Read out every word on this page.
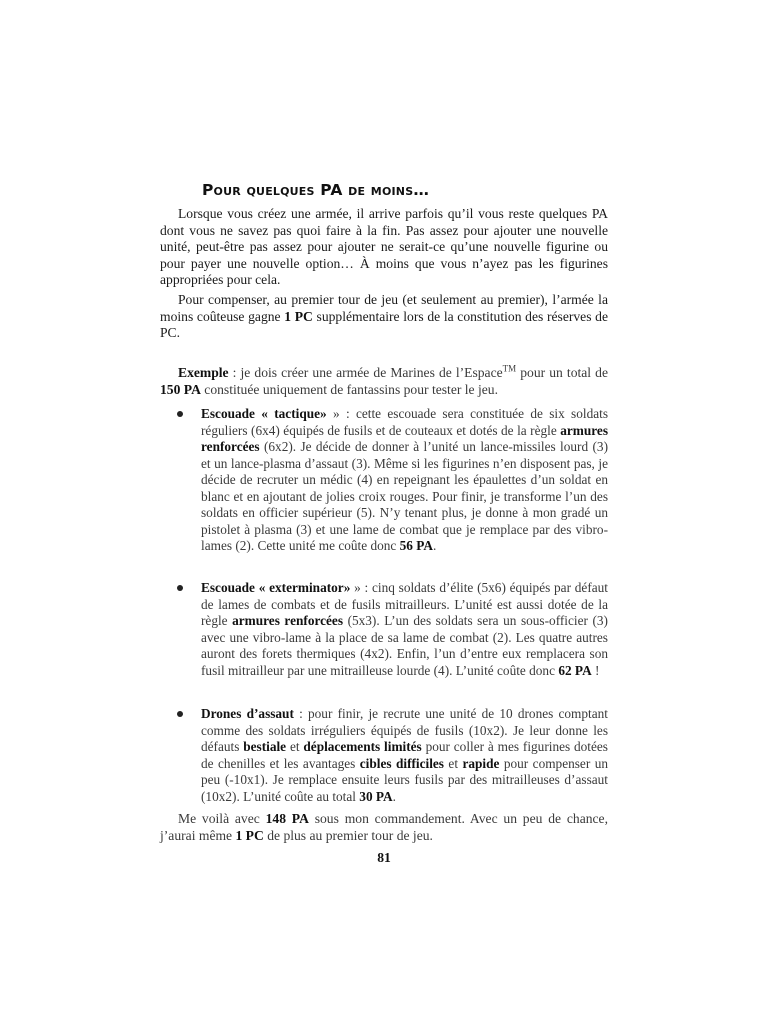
Pour quelques PA de moins…

Lorsque vous créez une armée, il arrive parfois qu’il vous reste quelques PA dont vous ne savez pas quoi faire à la fin. Pas assez pour ajouter une nouvelle unité, peut-être pas assez pour ajouter ne serait-ce qu’une nouvelle figurine ou pour payer une nouvelle option… À moins que vous n’ayez pas les figurines appropriées pour cela.

Pour compenser, au premier tour de jeu (et seulement au premier), l’armée la moins coûteuse gagne 1 PC supplémentaire lors de la constitution des réserves de PC.

Exemple : je dois créer une armée de Marines de l’Espace™ pour un total de 150 PA constituée uniquement de fantassins pour tester le jeu.

Escouade « tactique» » : cette escouade sera constituée de six soldats réguliers (6x4) équipés de fusils et de couteaux et dotés de la règle armures renforcées (6x2). Je décide de donner à l’unité un lance-missiles lourd (3) et un lance-plasma d’assaut (3). Même si les figurines n’en disposent pas, je décide de recruter un médic (4) en repeignant les épaulettes d’un soldat en blanc et en ajoutant de jolies croix rouges. Pour finir, je transforme l’un des soldats en officier supérieur (5). N’y tenant plus, je donne à mon gradé un pistolet à plasma (3) et une lame de combat que je remplace par des vibro-lames (2). Cette unité me coûte donc 56 PA.

Escouade « exterminator» » : cinq soldats d’élite (5x6) équipés par défaut de lames de combats et de fusils mitrailleurs. L’unité est aussi dotée de la règle armures renforcées (5x3). L’un des soldats sera un sous-officier (3) avec une vibro-lame à la place de sa lame de combat (2). Les quatre autres auront des forets thermiques (4x2). Enfin, l’un d’entre eux remplacera son fusil mitrailleur par une mitrailleuse lourde (4). L’unité coûte donc 62 PA !

Drones d’assaut : pour finir, je recrute une unité de 10 drones comptant comme des soldats irréguliers équipés de fusils (10x2). Je leur donne les défauts bestiale et déplacements limités pour coller à mes figurines dotées de chenilles et les avantages cibles difficiles et rapide pour compenser un peu (-10x1). Je remplace ensuite leurs fusils par des mitrailleuses d’assaut (10x2). L’unité coûte au total 30 PA.

Me voilà avec 148 PA sous mon commandement. Avec un peu de chance, j’aurai même 1 PC de plus au premier tour de jeu.

81
